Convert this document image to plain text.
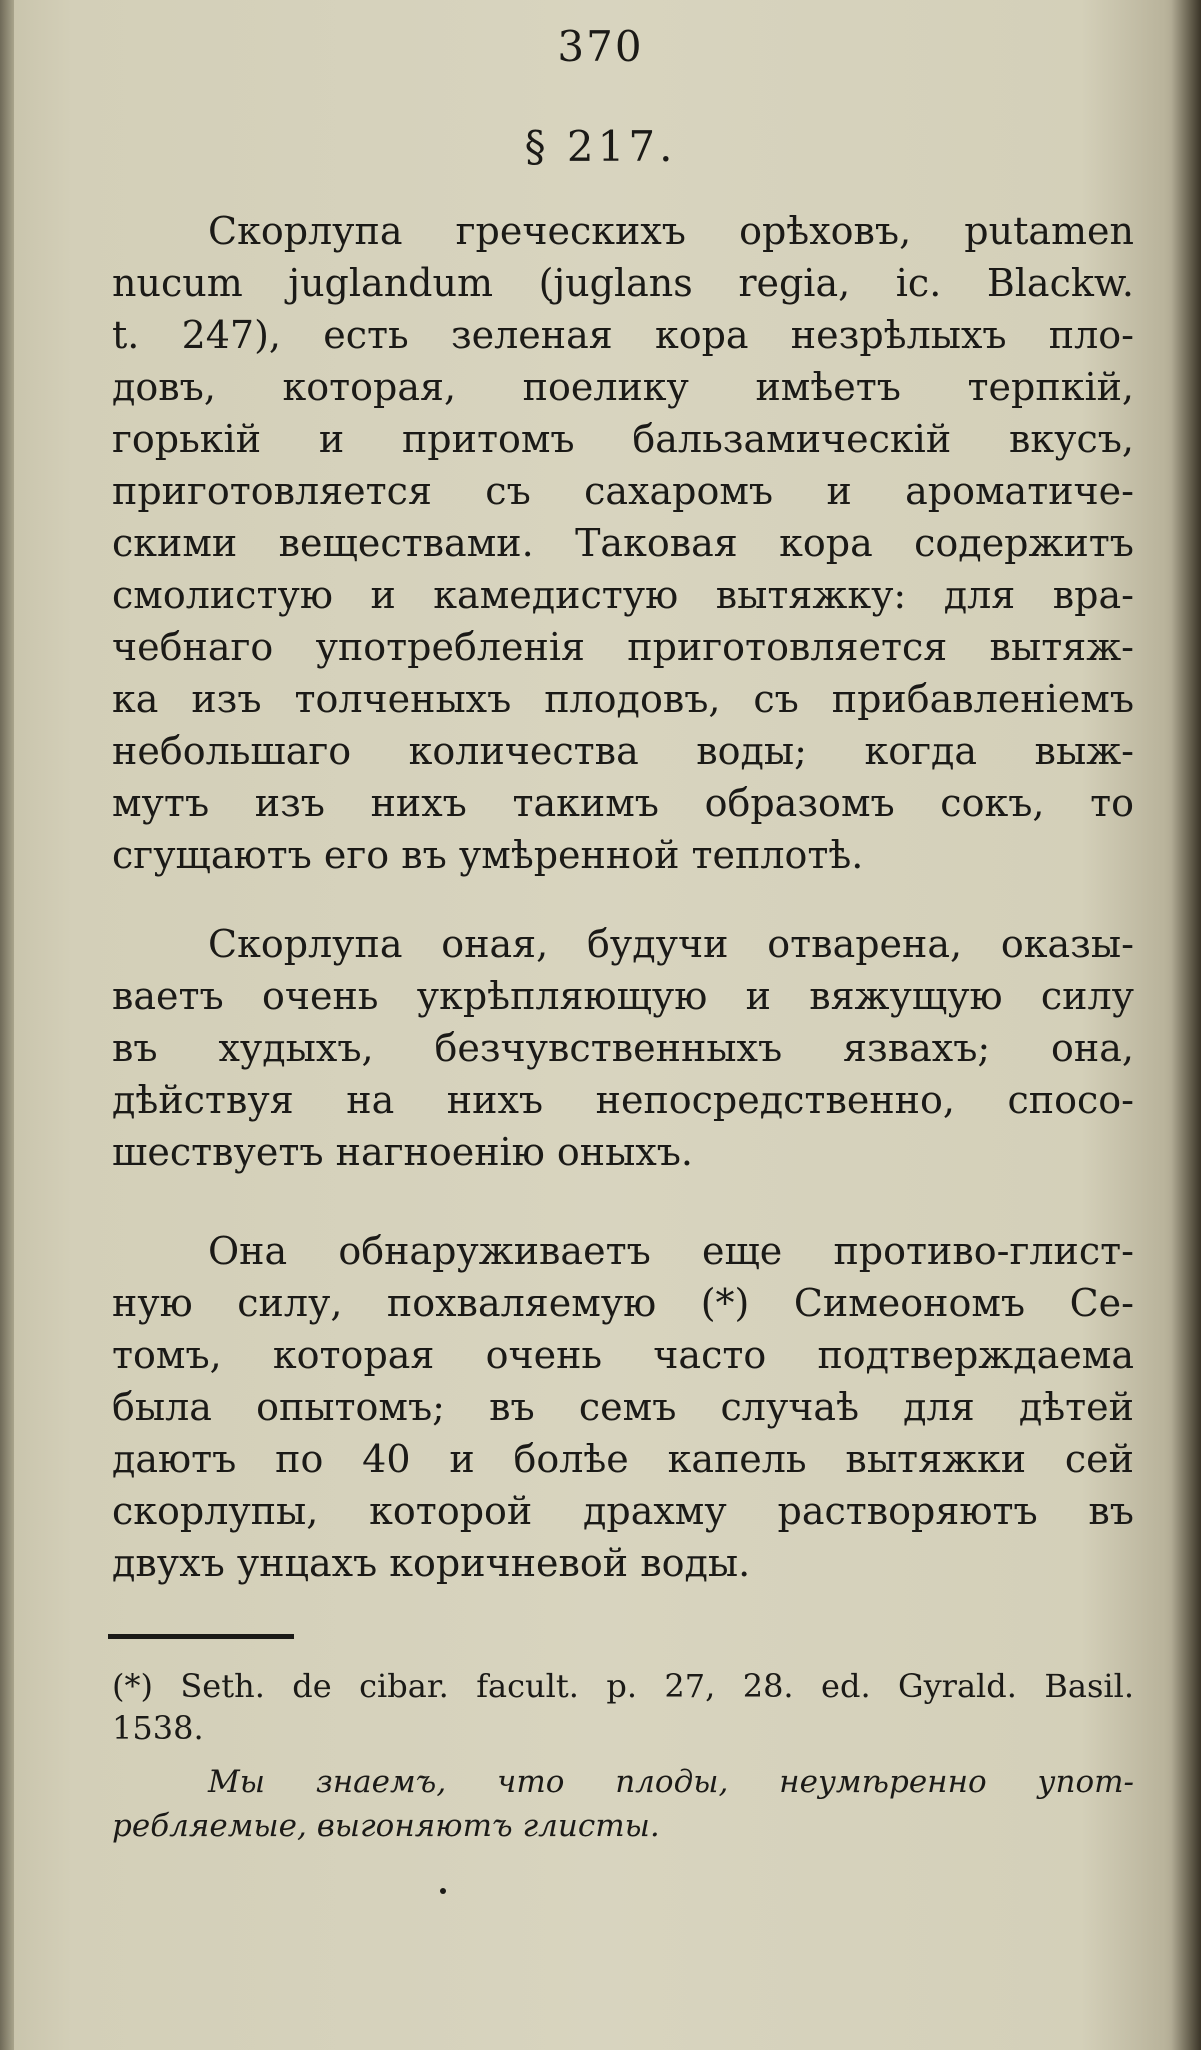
370
§ 217.
Скорлупа греческихъ орѣховъ, putamen
nucum juglandum (juglans regia, ic. Blackw.
t. 247), есть зеленая кора незрѣлыхъ пло-
довъ, которая, поелику имѣетъ терпкій,
горькій и притомъ бальзамическій вкусъ,
приготовляется съ сахаромъ и ароматиче-
скими веществами. Таковая кора содержитъ
смолистую и камедистую вытяжку: для вра-
чебнаго употребленія приготовляется вытяж-
ка изъ толченыхъ плодовъ, съ прибавленіемъ
небольшаго количества воды; когда выж-
мутъ изъ нихъ такимъ образомъ сокъ, то
сгущаютъ его въ умѣренной теплотѣ.
Скорлупа оная, будучи отварена, оказы-
ваетъ очень укрѣпляющую и вяжущую силу
въ худыхъ, безчувственныхъ язвахъ; она,
дѣйствуя на нихъ непосредственно, спосо-
шествуетъ нагноенію оныхъ.
Она обнаруживаетъ еще противо-глист-
ную силу, похваляемую (*) Симеономъ Се-
томъ, которая очень часто подтверждаема
была опытомъ; въ семъ случаѣ для дѣтей
даютъ по 40 и болѣе капель вытяжки сей
скорлупы, которой драхму растворяютъ въ
двухъ унцахъ коричневой воды.
(*) Seth. de cibar. facult. p. 27, 28. ed. Gyrald. Basil.
1538.
Мы знаемъ, что плоды, неумѣренно упот-
ребляемые, выгоняютъ глисты.
